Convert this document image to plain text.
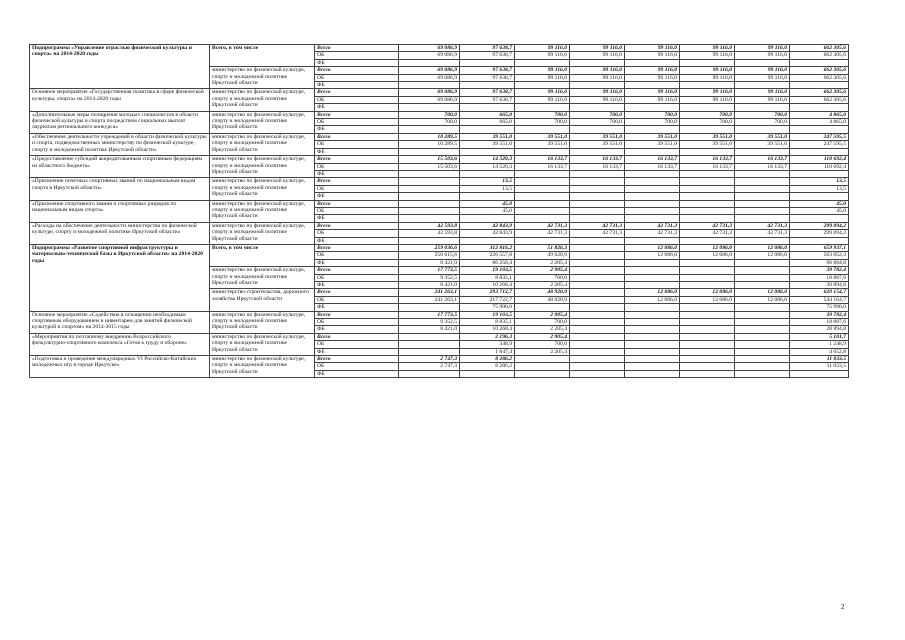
Подпрограмма «Управление отраслью физической культуры и спорта» на 2014-2020 годы	Всего, в том числе	Всего	69 086,9	97 638,7	99 116,0	99 116,0	99 116,0	99 116,0	99 116,0	662 305,6
		ОБ	69 086,9	97 638,7	99 116,0	99 116,0	99 116,0	99 116,0	99 116,0	662 305,6
		ФБ								
	министерство по физической культуре, спорту и молодежной политике Иркутской области	Всего	69 086,9	97 638,7	99 116,0	99 116,0	99 116,0	99 116,0	99 116,0	662 305,6
		ОБ	69 086,9	97 638,7	99 116,0	99 116,0	99 116,0	99 116,0	99 116,0	662 305,6
		ФБ								
Основное мероприятие «Государственная политика в сфере физической культуры, спорта» на 2014-2020 годы	министерство по физической культуре, спорту и молодежной политике Иркутской области	Всего	69 086,9	97 638,7	99 116,0	99 116,0	99 116,0	99 116,0	99 116,0	662 305,6
		ОБ	69 086,9	97 638,7	99 116,0	99 116,0	99 116,0	99 116,0	99 116,0	662 305,6
		ФБ								
«Дополнительные меры поощрения молодых специалистов в области физической культуры и спорта посредством социальных выплат лауреатам регионального конкурса»	министерство по физической культуре, спорту и молодежной политике Иркутской области	Всего	700,0	665,0	700,0	700,0	700,0	700,0	700,0	4 865,0
		ОБ	700,0	665,0	700,0	700,0	700,0	700,0	700,0	4 865,0
		ФБ								
«Обеспечение деятельности учреждений в области физической культуры и спорта, подведомственных министерству по физической культуре, спорту и молодежной политике Иркутской области»	министерство по физической культуре, спорту и молодежной политике Иркутской области	Всего	10 289,5	39 551,0	39 551,0	39 551,0	39 551,0	39 551,0	39 551,0	247 595,5
		ОБ	10 289,5	39 551,0	39 551,0	39 551,0	39 551,0	39 551,0	39 551,0	247 595,5
		ФБ								
«Предоставление субсидий аккредитованным спортивным федерациям из областного бюджета»	министерство по физической культуре, спорту и молодежной политике Иркутской области	Всего	15 503,6	14 520,3	16 133,7	16 133,7	16 133,7	16 133,7	16 133,7	110 692,4
		ОБ	15 503,6	14 520,3	16 133,7	16 133,7	16 133,7	16 133,7	16 133,7	110 692,4
		ФБ								
«Присвоение почетных спортивных званий по национальным видам спорта в Иркутской области»	министерство по физической культуре, спорту и молодежной политике Иркутской области	Всего		13,5						13,5
		ОБ		13,5						13,5
		ФБ								
«Присвоение спортивного звания и спортивных разрядов по национальным видам спорта»	министерство по физической культуре, спорту и молодежной политике Иркутской области	Всего		45,0						45,0
		ОБ		45,0						45,0
		ФБ								
«Расходы на обеспечение деятельности министерства по физической культуре, спорту и молодежной политике Иркутской области»	министерство по физической культуре, спорту и молодежной политике Иркутской области	Всего	42 593,8	42 843,9	42 731,3	42 731,3	42 731,3	42 731,3	42 731,3	299 094,2
		ОБ	42 593,8	42 843,9	42 731,3	42 731,3	42 731,3	42 731,3	42 731,3	299 094,2
		ФБ								
Подпрограмма «Развитие спортивной инфраструктуры и материально-технической базы в Иркутской области» на 2014-2020 годы	Всего, в том числе	Всего	259 036,6	312 816,2	51 826,3		12 086,0	12 086,0	12 086,0	659 937,1
		ОБ	250 615,6	226 557,8	49 620,9		12 086,0	12 086,0	12 086,0	563 052,3
		ФБ	8 421,0	86 258,4	2 205,4					96 884,8
	министерство по физической культуре, спорту и молодежной политике Иркутской области	Всего	17 773,5	19 103,5	2 905,4					39 782,4
		ОБ	9 352,5	8 835,1	700,0					18 887,6
		ФБ	8 421,0	10 268,4	2 205,4					20 894,8
	министерство строительства, дорожного хозяйства Иркутской области	Всего	241 263,1	293 712,7	48 920,9		12 086,0	12 086,0	12 086,0	620 154,7
		ОБ	241 263,1	217 722,7	48 920,9		12 086,0	12 086,0	12 086,0	544 164,7
		ФБ		75 990,0						75 990,0
Основное мероприятие «Содействие в оснащении необходимым спортивным оборудованием и инвентарем для занятий физической культурой и спортом» на 2014-2015 годы	министерство по физической культуре, спорту и молодежной политике Иркутской области	Всего	17 773,5	19 103,5	2 905,4					39 782,4
		ОБ	9 352,5	8 835,1	700,0					18 887,6
		ФБ	8 421,0	10 268,4	2 205,4					20 894,8
«Мероприятия по поэтапному внедрению Всероссийского физкультурно-спортивного комплекса «Готов к труду и обороне»	министерство по физической культуре, спорту и молодежной политике Иркутской области	Всего		2 196,3	2 905,4					5 101,7
		ОБ		348,9	700,0					1 248,9
		ФБ		1 847,4	2 205,4					4 052,8
«Подготовка и проведение международных VI Российско-Китайских молодежных игр в городе Иркутске»	министерство по физической культуре, спорту и молодежной политике Иркутской области	Всего	2 747,3	8 286,2						11 033,5
		ОБ	2 747,3	8 286,2						11 033,5
		ФБ								
2
